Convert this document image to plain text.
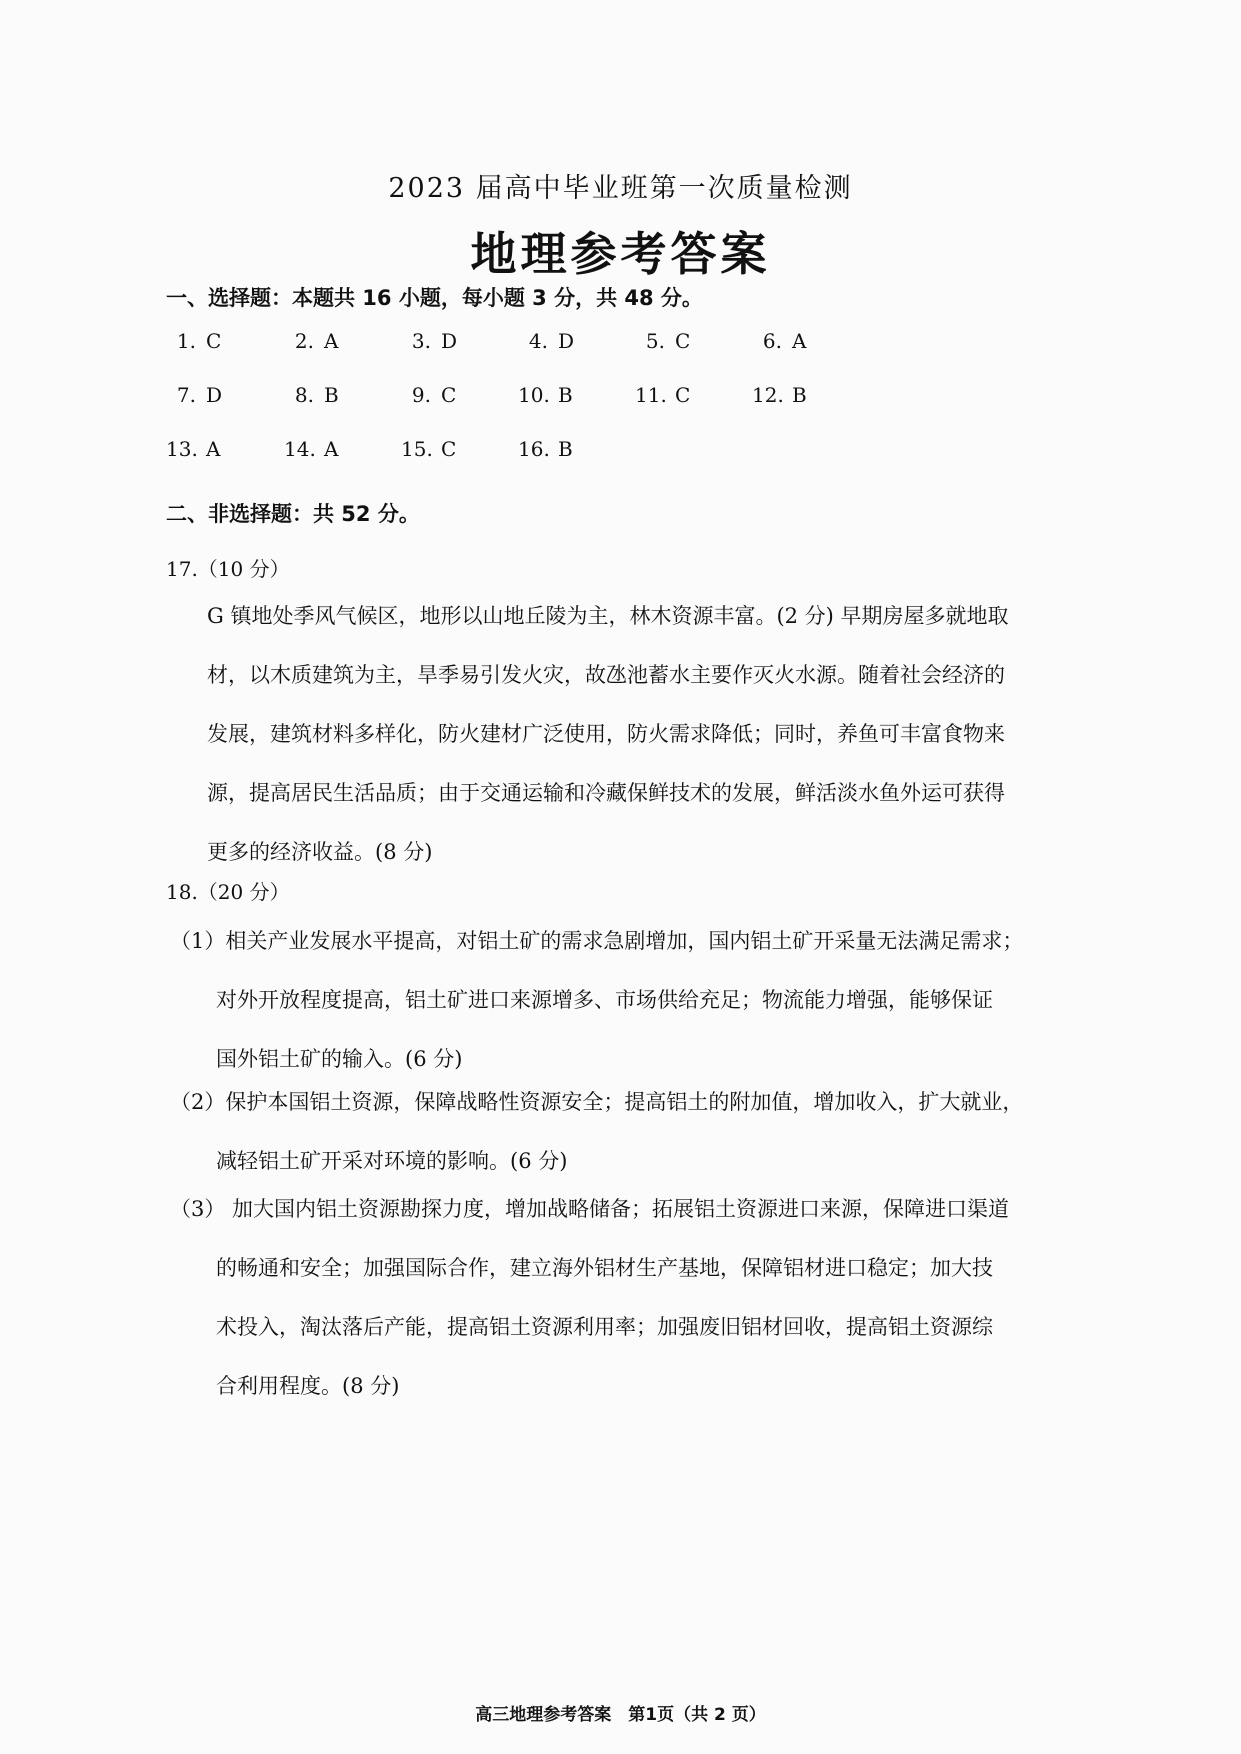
2023 届高中毕业班第一次质量检测
地理参考答案
一、选择题：本题共 16 小题，每小题 3 分，共 48 分。
1. C	2. A	3. D	4. D	5. C	6. A
7. D	8. B	9. C	10. B	11. C	12. B
13. A	14. A	15. C	16. B
二、非选择题：共 52 分。
17.（10 分）
G 镇地处季风气候区，地形以山地丘陵为主，林木资源丰富。(2 分) 早期房屋多就地取
材，以木质建筑为主，旱季易引发火灾，故氹池蓄水主要作灭火水源。随着社会经济的
发展，建筑材料多样化，防火建材广泛使用，防火需求降低；同时，养鱼可丰富食物来
源，提高居民生活品质；由于交通运输和冷藏保鲜技术的发展，鲜活淡水鱼外运可获得
更多的经济收益。(8 分)
18.（20 分）
（1）相关产业发展水平提高，对铝土矿的需求急剧增加，国内铝土矿开采量无法满足需求；
对外开放程度提高，铝土矿进口来源增多、市场供给充足；物流能力增强，能够保证
国外铝土矿的输入。(6 分)
（2）保护本国铝土资源，保障战略性资源安全；提高铝土的附加值，增加收入，扩大就业，
减轻铝土矿开采对环境的影响。(6 分)
（3） 加大国内铝土资源勘探力度，增加战略储备；拓展铝土资源进口来源，保障进口渠道
的畅通和安全；加强国际合作，建立海外铝材生产基地，保障铝材进口稳定；加大技
术投入，淘汰落后产能，提高铝土资源利用率；加强废旧铝材回收，提高铝土资源综
合利用程度。(8 分)
高三地理参考答案　第1页（共 2 页）
